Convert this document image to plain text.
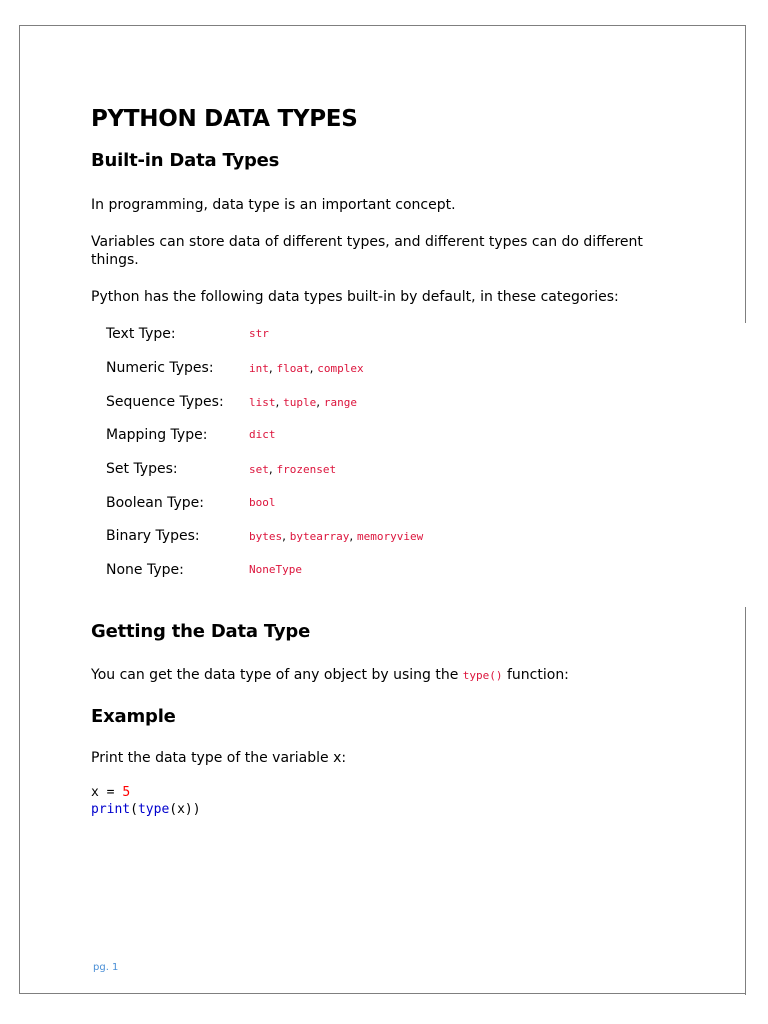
PYTHON DATA TYPES
Built-in Data Types
In programming, data type is an important concept.
Variables can store data of different types, and different types can do different things.
Python has the following data types built-in by default, in these categories:
Text Type:	str
Numeric Types:	int, float, complex
Sequence Types: list, tuple, range
Mapping Type:	dict
Set Types:	set, frozenset
Boolean Type:	bool
Binary Types:	bytes, bytearray, memoryview
None Type:	NoneType
Getting the Data Type
You can get the data type of any object by using the type() function:
Example
Print the data type of the variable x:
x = 5
print(type(x))
pg. 1
